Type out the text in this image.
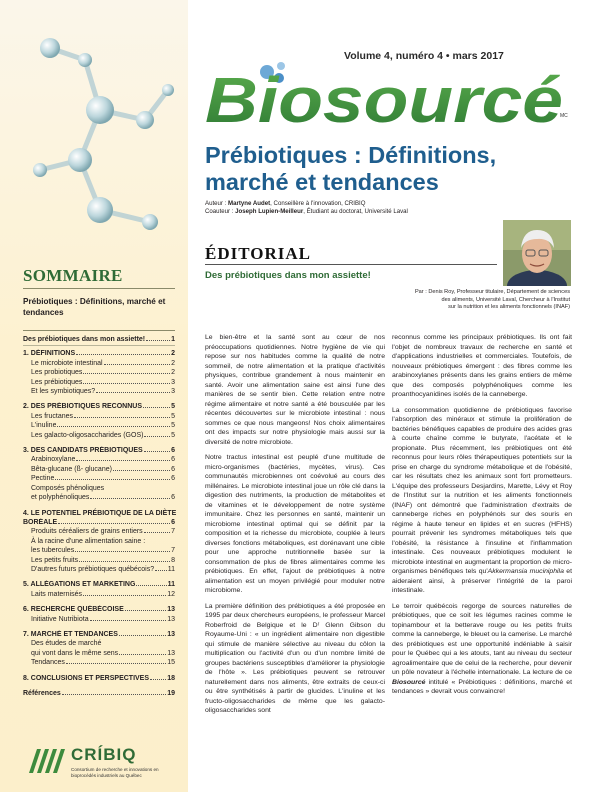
SOMMAIRE
Prébiotiques : Définitions, marché et tendances
Des prébiotiques dans mon assiette!	1
1. DÉFINITIONS	2
Le microbiote intestinal	2
Les probiotiques	2
Les prébiotiques	3
Et les symbiotiques?	3
2. DES PRÉBIOTIQUES RECONNUS	5
Les fructanes	5
L'inuline	5
Les galacto-oligosaccharides (GOS)	5
3. DES CANDIDATS PRÉBIOTIQUES	6
Arabinoxylane	6
Bêta-glucane (ß- glucane)	6
Pectine	6
Composés phénoliques
et polyphénoliques	6
4. LE POTENTIEL PRÉBIOTIQUE DE LA DIÈTE
BORÉALE	6
Produits céréaliers de grains entiers	7
À la racine d'une alimentation saine :
les tubercules	7
Les petits fruits	8
D'autres futurs prébiotiques québécois? 11
5. ALLÉGATIONS ET MARKETING	11
Laits maternisés	12
6. RECHERCHE QUÉBÉCOISE	13
Initiative Nutribiota	13
7. MARCHÉ ET TENDANCES	13
Des études de marché
qui vont dans le même sens	13
Tendances	15
8. CONCLUSIONS ET PERSPECTIVES	18
Références	19
CRÍBIQ
Consortium de recherche et innovations en bioprocédés industriels au Québec
Volume 4, numéro 4 • mars 2017
Biosourcé
MC
Prébiotiques : Définitions, marché et tendances
Auteur : Martyne Audet, Conseillère à l'innovation, CRIBIQ
Coauteur : Joseph Lupien-Meilleur, Étudiant au doctorat, Université Laval
ÉDITORIAL
Des prébiotiques dans mon assiette!
Par : Denis Roy, Professeur titulaire, Département de sciences
des aliments, Université Laval, Chercheur à l'Institut
sur la nutrition et les aliments fonctionnels (INAF)

Le bien-être et la santé sont au cœur de nos préoccupations quotidiennes. Notre hygiène de vie qui repose sur nos habitudes comme la qualité de notre sommeil, de notre alimentation et la pratique d'activités physiques, contribue grandement à nous maintenir en santé. Avoir une alimentation saine est ainsi l'une des manières de se sentir bien. Cette relation entre notre régime alimentaire et notre santé a été bousculée par les récentes découvertes sur le microbiote intestinal : nous sommes ce que nous mangeons! Nos choix alimentaires ont des impacts sur notre physiologie mais aussi sur la diversité de notre microbiote.

Notre tractus intestinal est peuplé d'une multitude de micro-organismes (bactéries, mycètes, virus). Ces communautés microbiennes ont coévolué au cours des millénaires. Le microbiote intestinal joue un rôle clé dans la digestion des nutriments, la production de métabolites et de vitamines et le développement de notre système immunitaire. Chez les personnes en santé, maintenir un microbiome intestinal optimal qui se définit par la composition et la richesse du microbiote, couplée à leurs diverses fonctions métaboliques, est dorénavant une cible pour une approche nutritionnelle basée sur la consommation de plus de fibres alimentaires comme les prébiotiques. En effet, l'ajout de prébiotiques à notre alimentation est un moyen privilégié pour moduler notre microbiome.

La première définition des prébiotiques a été proposée en 1995 par deux chercheurs européens, le professeur Marcel Roberfroid de Belgique et le Dʳ Glenn Gibson du Royaume-Uni : « un ingrédient alimentaire non digestible qui stimule de manière sélective au niveau du côlon la multiplication ou l'activité d'un ou d'un nombre limité de groupes bactériens susceptibles d'améliorer la physiologie de l'hôte ». Les prébiotiques peuvent se retrouver naturellement dans nos aliments, être extraits de ceux-ci ou être synthétisés à partir de glucides. L'inuline et les fructo-oligosaccharides de même que les galacto-oligosaccharides sont

reconnus comme les principaux prébiotiques. Ils ont fait l'objet de nombreux travaux de recherche en santé et d'applications industrielles et commerciales. Toutefois, de nouveaux prébiotiques émergent : des fibres comme les arabinoxylanes présents dans les grains entiers de même que des composés polyphénoliques comme les proanthocyanidines isolés de la canneberge.

La consommation quotidienne de prébiotiques favorise l'absorption des minéraux et stimule la prolifération de bactéries bénéfiques capables de produire des acides gras à courte chaîne comme le butyrate, l'acétate et le propionate. Plus récemment, les prébiotiques ont été reconnus pour leurs rôles thérapeutiques potentiels sur la prise en charge du syndrome métabolique et de l'obésité, car les résultats chez les animaux sont fort prometteurs. L'équipe des professeurs Desjardins, Marette, Lévy et Roy de l'Institut sur la nutrition et les aliments fonctionnels (INAF) ont démontré que l'administration d'extraits de canneberge riches en polyphénols sur des souris en régime à haute teneur en lipides et en sucres (HFHS) pourrait prévenir les syndromes métaboliques tels que l'obésité, la résistance à l'insuline et l'inflammation intestinale. Ces nouveaux prébiotiques modulent le microbiote intestinal en augmentant la proportion de micro-organismes bénéfiques tels qu'Akkermansia muciniphila et aideraient ainsi, à préserver l'intégrité de la paroi intestinale.

Le terroir québécois regorge de sources naturelles de prébiotiques, que ce soit les légumes racines comme le topinambour et la betterave rouge ou les petits fruits comme la canneberge, le bleuet ou la camerise. Le marché des prébiotiques est une opportunité indéniable à saisir pour le Québec qui a les atouts, tant au niveau du secteur agroalimentaire que de celui de la recherche, pour devenir un pôle novateur à l'échelle internationale. La lecture de ce Biosourcé intitulé « Prébiotiques : définitions, marché et tendances » devrait vous convaincre!
